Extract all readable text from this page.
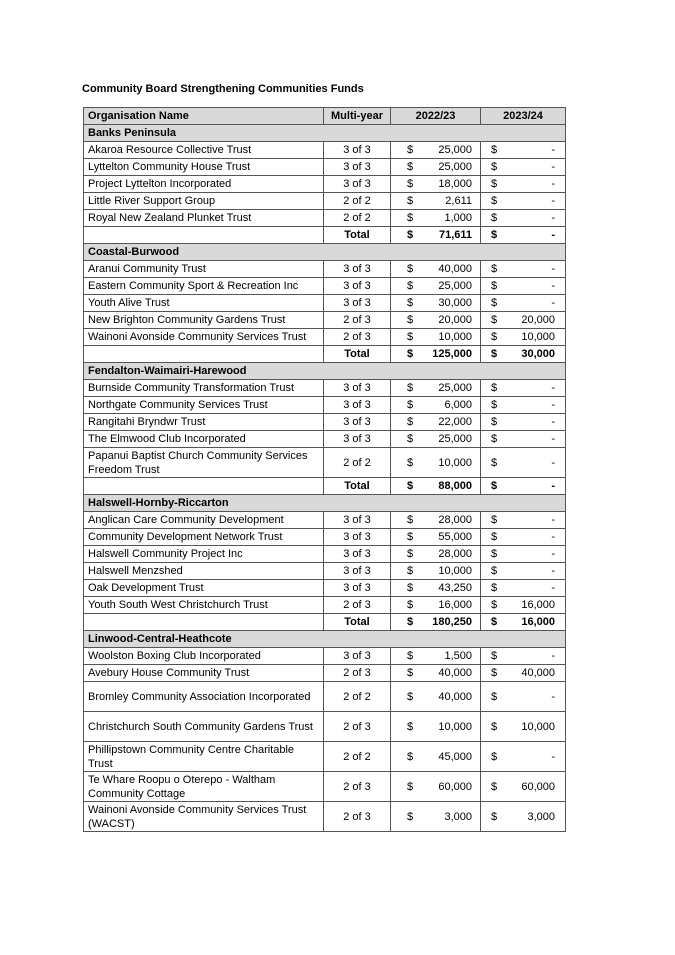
Community Board Strengthening Communities Funds
Organisation Name	Multi-year	2022/23	2023/24
Banks Peninsula			
Akaroa Resource Collective Trust	3 of 3	$ 25,000	$ -

Lyttelton Community House Trust	3 of 3	$ 25,000	$ -

Project Lyttelton Incorporated	3 of 3	$ 18,000	$ -

Little River Support Group	2 of 2	$ 2,611	$ -

Royal New Zealand Plunket Trust	2 of 2	$ 1,000	$ -

	Total	$ 71,611	$ -

Coastal-Burwood			
Aranui Community Trust	3 of 3	$ 40,000	$ -

Eastern Community Sport & Recreation Inc	3 of 3	$ 25,000	$ -

Youth Alive Trust	3 of 3	$ 30,000	$ -

New Brighton Community Gardens Trust	2 of 3	$ 20,000	$ 20,000

Wainoni Avonside Community Services Trust	2 of 3	$ 10,000	$ 10,000

	Total	$ 125,000	$ 30,000

Fendalton-Waimairi-Harewood			
Burnside Community Transformation Trust	3 of 3	$ 25,000	$ -

Northgate Community Services Trust	3 of 3	$ 6,000	$ -

Rangitahi Bryndwr Trust	3 of 3	$ 22,000	$ -

The Elmwood Club Incorporated	3 of 3	$ 25,000	$ -

Papanui Baptist Church Community Services Freedom Trust	2 of 2	$ 10,000	$ -

	Total	$ 88,000	$ -

Halswell-Hornby-Riccarton			
Anglican Care Community Development	3 of 3	$ 28,000	$ -

Community Development Network Trust	3 of 3	$ 55,000	$ -

Halswell Community Project Inc	3 of 3	$ 28,000	$ -

Halswell Menzshed	3 of 3	$ 10,000	$ -

Oak Development Trust	3 of 3	$ 43,250	$ -

Youth South West Christchurch Trust	2 of 3	$ 16,000	$ 16,000

	Total	$ 180,250	$ 16,000

Linwood-Central-Heathcote			
Woolston Boxing Club Incorporated	3 of 3	$ 1,500	$ -

Avebury House Community Trust	2 of 3	$ 40,000	$ 40,000

Bromley Community Association Incorporated	2 of 2	$ 40,000	$ -

Christchurch South Community Gardens Trust	2 of 3	$ 10,000	$ 10,000

Phillipstown Community Centre Charitable Trust	2 of 2	$ 45,000	$ -

Te Whare Roopu o Oterepo - Waltham Community Cottage	2 of 3	$ 60,000	$ 60,000

Wainoni Avonside Community Services Trust (WACST)	2 of 3	$ 3,000	$ 3,000
